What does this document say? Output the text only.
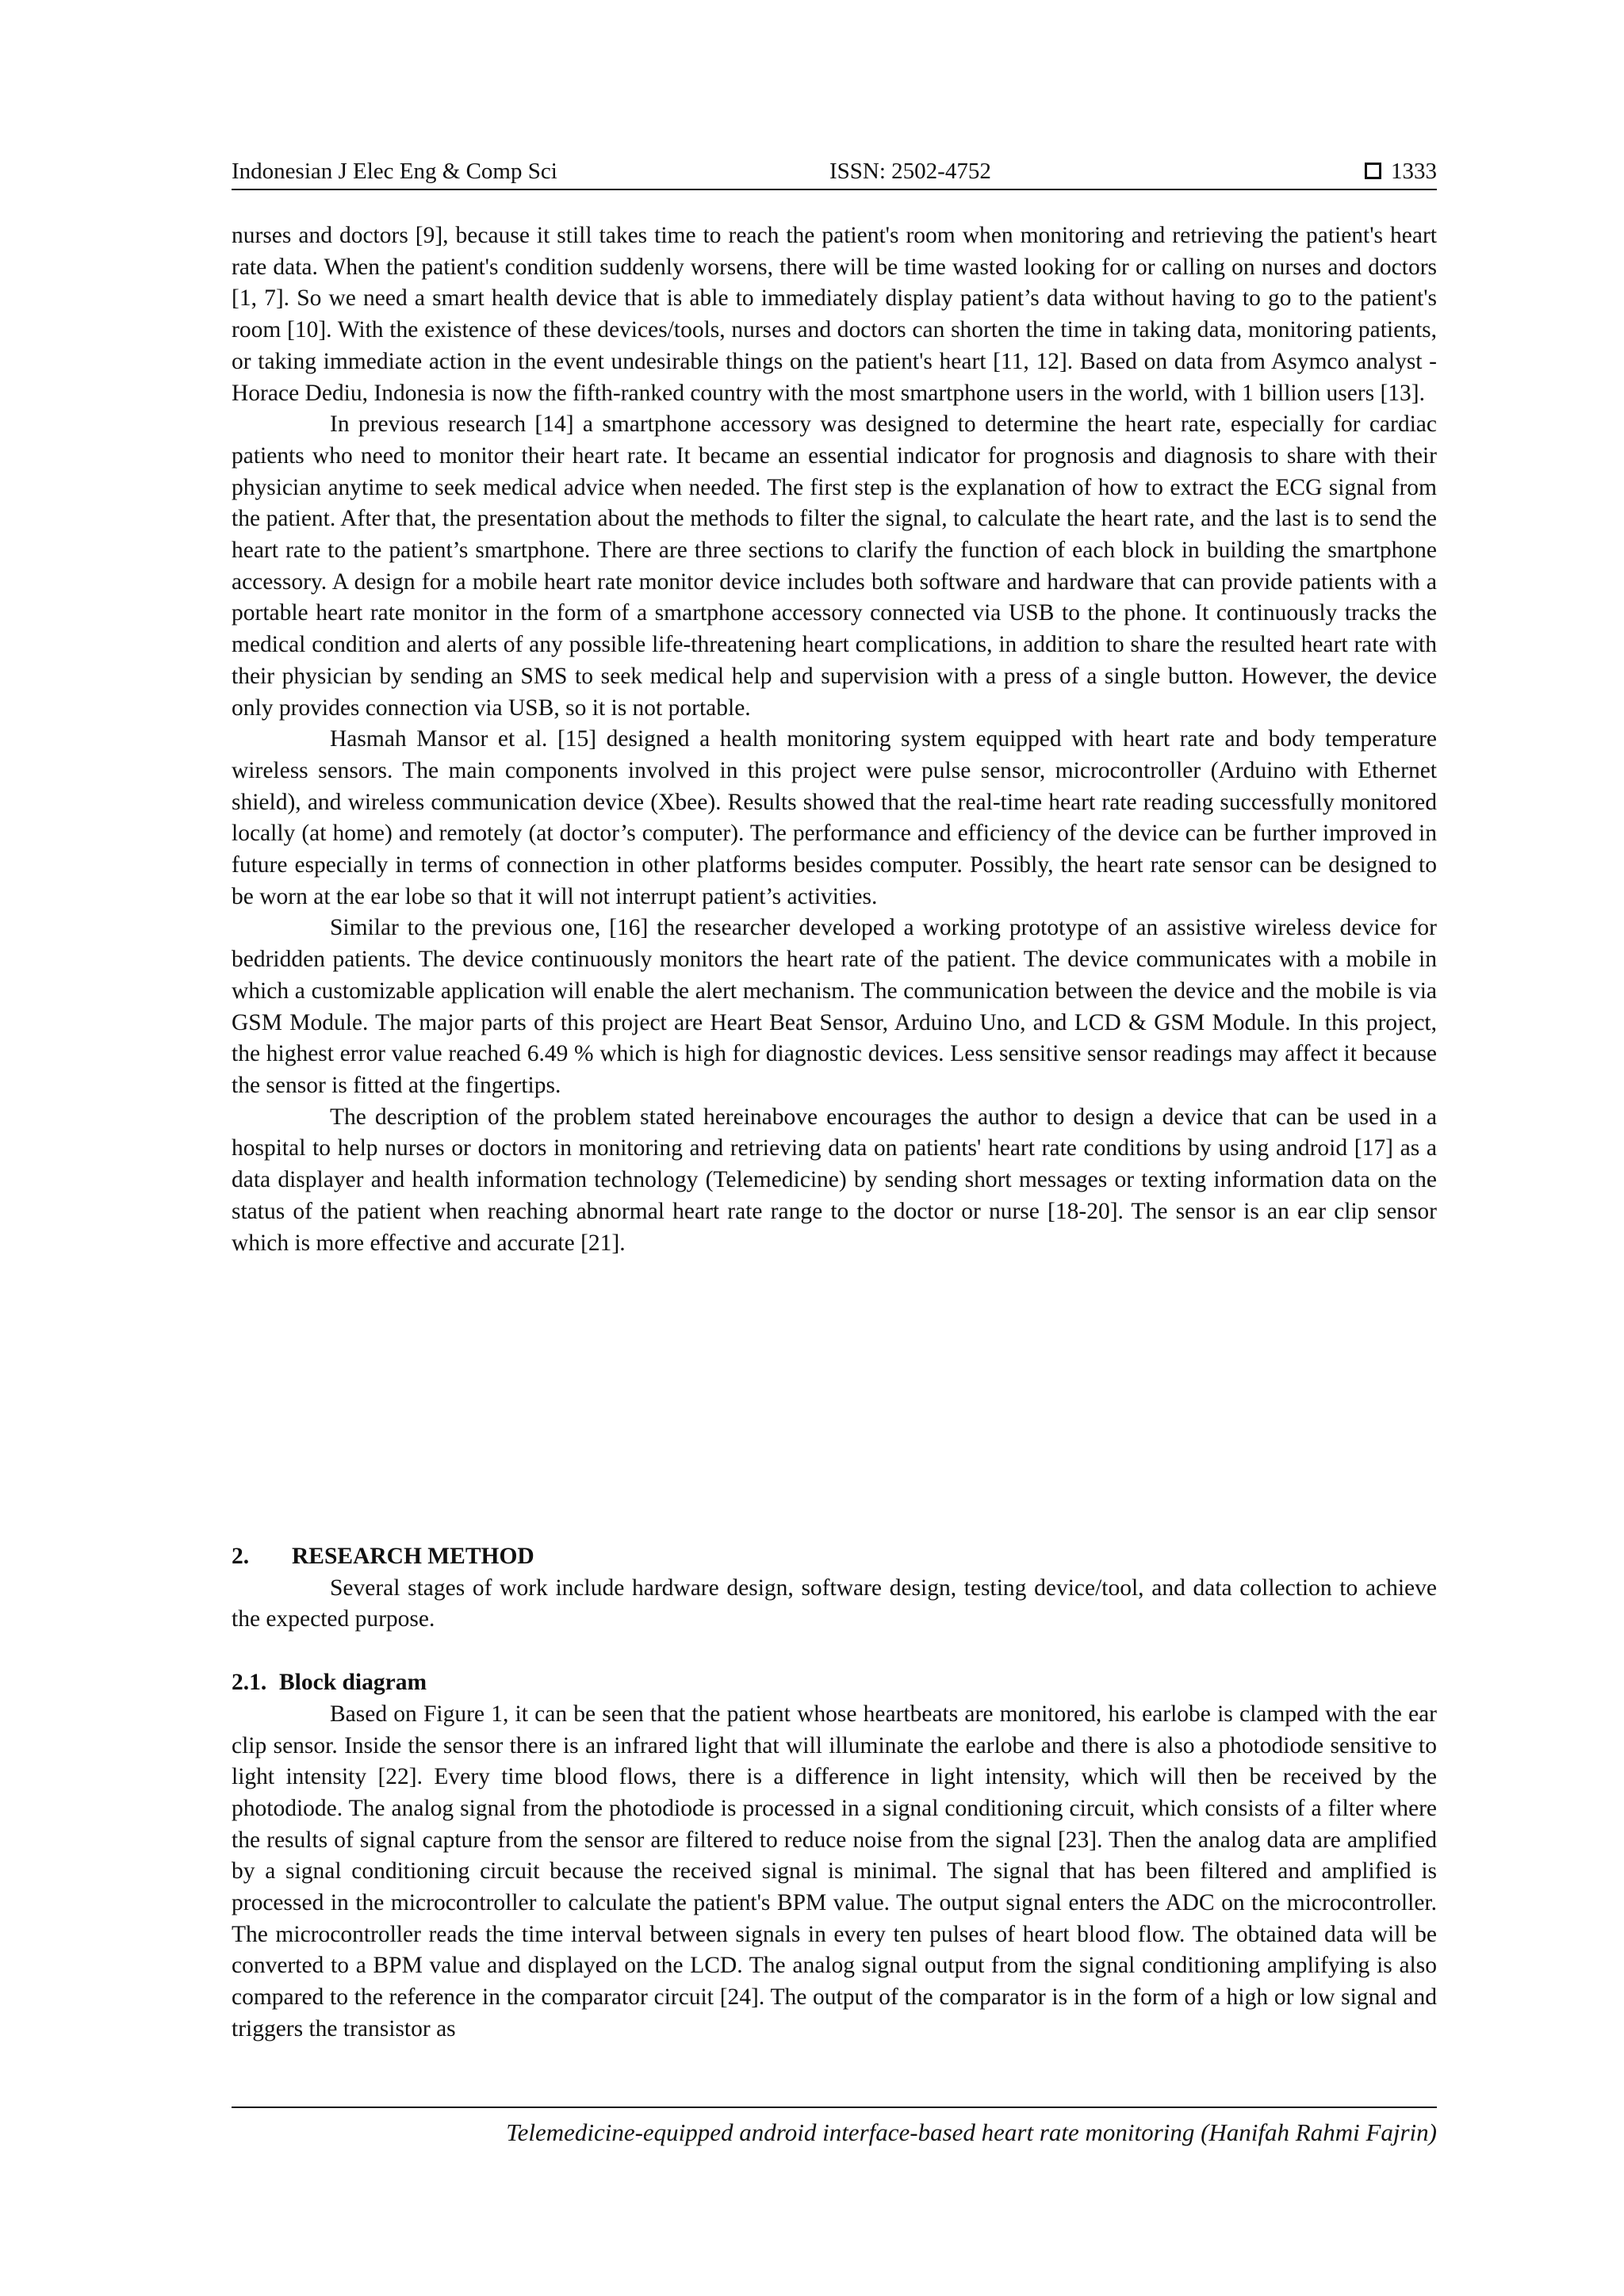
Indonesian J Elec Eng & Comp Sci	ISSN: 2502-4752	1333

nurses and doctors [9], because it still takes time to reach the patient's room when monitoring and retrieving the patient's heart rate data. When the patient's condition suddenly worsens, there will be time wasted looking for or calling on nurses and doctors [1, 7]. So we need a smart health device that is able to immediately display patient’s data without having to go to the patient's room [10]. With the existence of these devices/tools, nurses and doctors can shorten the time in taking data, monitoring patients, or taking immediate action in the event undesirable things on the patient's heart [11, 12]. Based on data from Asymco analyst - Horace Dediu, Indonesia is now the fifth-ranked country with the most smartphone users in the world, with 1 billion users [13].

In previous research [14] a smartphone accessory was designed to determine the heart rate, especially for cardiac patients who need to monitor their heart rate. It became an essential indicator for prognosis and diagnosis to share with their physician anytime to seek medical advice when needed. The first step is the explanation of how to extract the ECG signal from the patient. After that, the presentation about the methods to filter the signal, to calculate the heart rate, and the last is to send the heart rate to the patient’s smartphone. There are three sections to clarify the function of each block in building the smartphone accessory. A design for a mobile heart rate monitor device includes both software and hardware that can provide patients with a portable heart rate monitor in the form of a smartphone accessory connected via USB to the phone. It continuously tracks the medical condition and alerts of any possible life-threatening heart complications, in addition to share the resulted heart rate with their physician by sending an SMS to seek medical help and supervision with a press of a single button. However, the device only provides connection via USB, so it is not portable.

Hasmah Mansor et al. [15] designed a health monitoring system equipped with heart rate and body temperature wireless sensors. The main components involved in this project were pulse sensor, microcontroller (Arduino with Ethernet shield), and wireless communication device (Xbee). Results showed that the real-time heart rate reading successfully monitored locally (at home) and remotely (at doctor’s computer). The performance and efficiency of the device can be further improved in future especially in terms of connection in other platforms besides computer. Possibly, the heart rate sensor can be designed to be worn at the ear lobe so that it will not interrupt patient’s activities.

Similar to the previous one, [16] the researcher developed a working prototype of an assistive wireless device for bedridden patients. The device continuously monitors the heart rate of the patient. The device communicates with a mobile in which a customizable application will enable the alert mechanism. The communication between the device and the mobile is via GSM Module. The major parts of this project are Heart Beat Sensor, Arduino Uno, and LCD & GSM Module. In this project, the highest error value reached 6.49 % which is high for diagnostic devices. Less sensitive sensor readings may affect it because the sensor is fitted at the fingertips.

The description of the problem stated hereinabove encourages the author to design a device that can be used in a hospital to help nurses or doctors in monitoring and retrieving data on patients' heart rate conditions by using android [17] as a data displayer and health information technology (Telemedicine) by sending short messages or texting information data on the status of the patient when reaching abnormal heart rate range to the doctor or nurse [18-20]. The sensor is an ear clip sensor which is more effective and accurate [21].

2. RESEARCH METHOD

Several stages of work include hardware design, software design, testing device/tool, and data collection to achieve the expected purpose.

2.1. Block diagram

Based on Figure 1, it can be seen that the patient whose heartbeats are monitored, his earlobe is clamped with the ear clip sensor. Inside the sensor there is an infrared light that will illuminate the earlobe and there is also a photodiode sensitive to light intensity [22]. Every time blood flows, there is a difference in light intensity, which will then be received by the photodiode. The analog signal from the photodiode is processed in a signal conditioning circuit, which consists of a filter where the results of signal capture from the sensor are filtered to reduce noise from the signal [23]. Then the analog data are amplified by a signal conditioning circuit because the received signal is minimal. The signal that has been filtered and amplified is processed in the microcontroller to calculate the patient's BPM value. The output signal enters the ADC on the microcontroller. The microcontroller reads the time interval between signals in every ten pulses of heart blood flow. The obtained data will be converted to a BPM value and displayed on the LCD. The analog signal output from the signal conditioning amplifying is also compared to the reference in the comparator circuit [24]. The output of the comparator is in the form of a high or low signal and triggers the transistor as

Telemedicine-equipped android interface-based heart rate monitoring (Hanifah Rahmi Fajrin)
